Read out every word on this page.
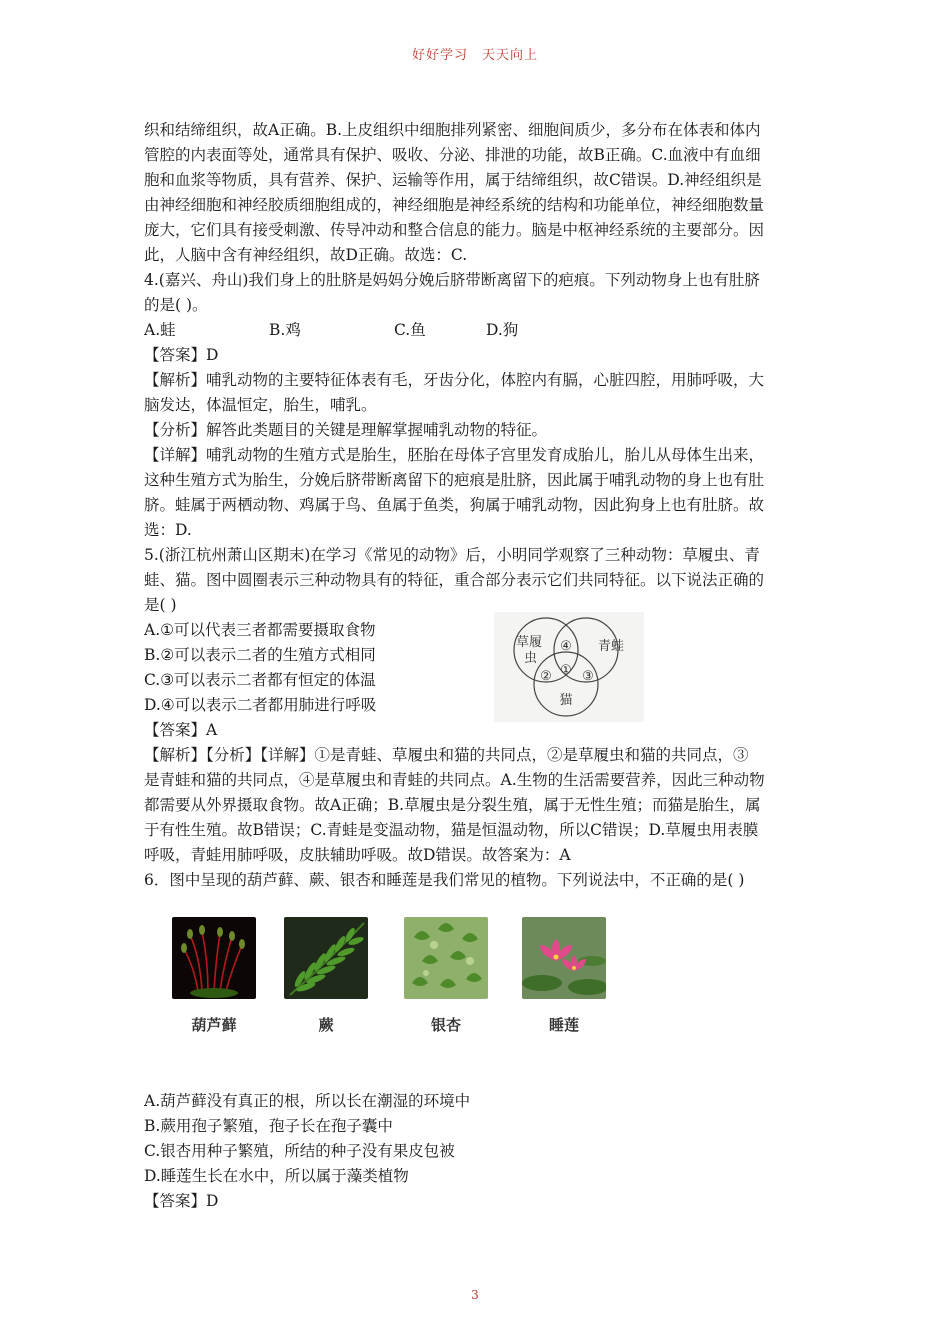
好好学习 天天向上
织和结缔组织，故A正确。B.上皮组织中细胞排列紧密、细胞间质少，多分布在体表和体内
管腔的内表面等处，通常具有保护、吸收、分泌、排泄的功能，故B正确。C.血液中有血细
胞和血浆等物质，具有营养、保护、运输等作用，属于结缔组织，故C错误。D.神经组织是
由神经细胞和神经胶质细胞组成的，神经细胞是神经系统的结构和功能单位，神经细胞数量
庞大，它们具有接受刺激、传导冲动和整合信息的能力。脑是中枢神经系统的主要部分。因
此，人脑中含有神经组织，故D正确。故选：C.
4.(嘉兴、舟山)我们身上的肚脐是妈妈分娩后脐带断离留下的疤痕。下列动物身上也有肚脐
的是( )。
A.蛙	B.鸡	C.鱼	D.狗
【答案】D
【解析】哺乳动物的主要特征体表有毛，牙齿分化，体腔内有膈，心脏四腔，用肺呼吸，大
脑发达，体温恒定，胎生，哺乳。
【分析】解答此类题目的关键是理解掌握哺乳动物的特征。
【详解】哺乳动物的生殖方式是胎生，胚胎在母体子宫里发育成胎儿，胎儿从母体生出来，
这种生殖方式为胎生，分娩后脐带断离留下的疤痕是肚脐，因此属于哺乳动物的身上也有肚
脐。蛙属于两栖动物、鸡属于鸟、鱼属于鱼类，狗属于哺乳动物，因此狗身上也有肚脐。故
选：D.
5.(浙江杭州萧山区期末)在学习《常见的动物》后，小明同学观察了三种动物：草履虫、青
蛙、猫。图中圆圈表示三种动物具有的特征，重合部分表示它们共同特征。以下说法正确的
是( )
A.①可以代表三者都需要摄取食物
B.②可以表示二者的生殖方式相同
C.③可以表示二者都有恒定的体温
D.④可以表示二者都用肺进行呼吸
草履
虫
青蛙
④
② ① ③
猫
【答案】A
【解析】【分析】【详解】①是青蛙、草履虫和猫的共同点，②是草履虫和猫的共同点，③
是青蛙和猫的共同点，④是草履虫和青蛙的共同点。A.生物的生活需要营养，因此三种动物
都需要从外界摄取食物。故A正确；B.草履虫是分裂生殖，属于无性生殖；而猫是胎生，属
于有性生殖。故B错误；C.青蛙是变温动物，猫是恒温动物，所以C错误；D.草履虫用表膜
呼吸，青蛙用肺呼吸，皮肤辅助呼吸。故D错误。故答案为：A
6．图中呈现的葫芦藓、蕨、银杏和睡莲是我们常见的植物。下列说法中，不正确的是( )
葫芦藓	蕨	银杏	睡莲
A.葫芦藓没有真正的根，所以长在潮湿的环境中
B.蕨用孢子繁殖，孢子长在孢子囊中
C.银杏用种子繁殖，所结的种子没有果皮包被
D.睡莲生长在水中，所以属于藻类植物
【答案】D
3
